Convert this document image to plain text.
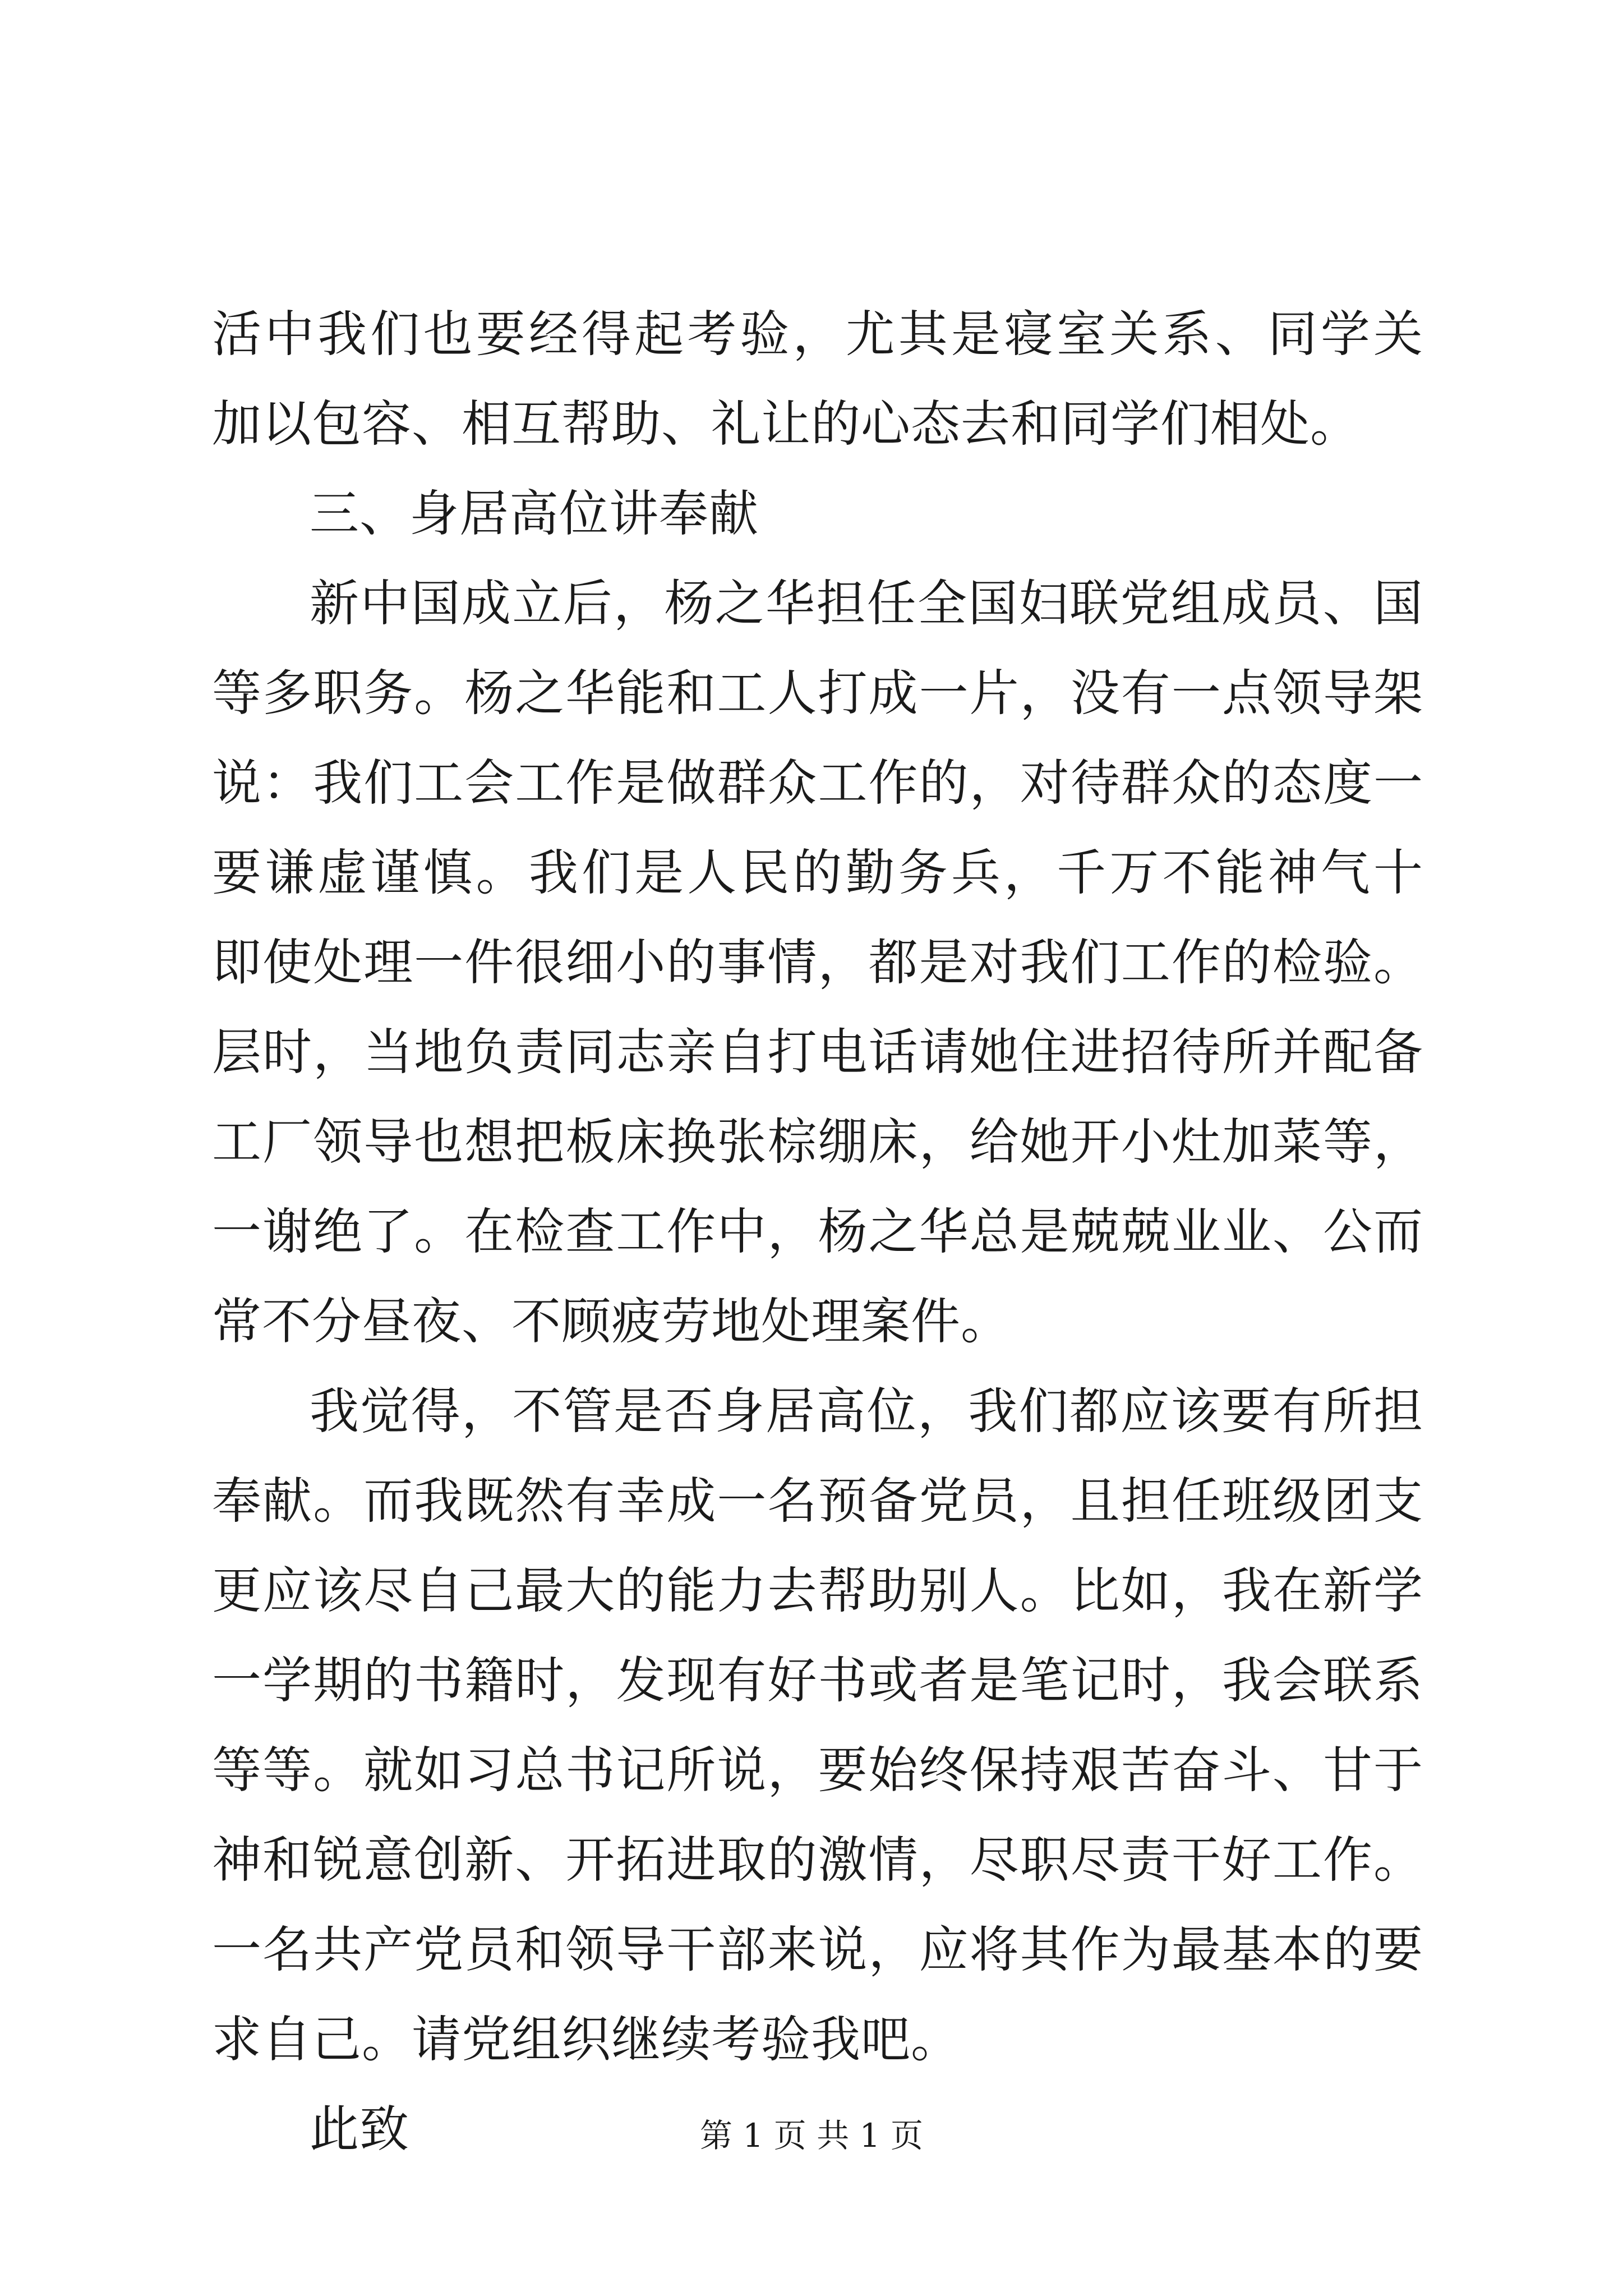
活中我们也要经得起考验，尤其是寝室关系、同学关
加以包容、相互帮助、礼让的心态去和同学们相处。
三、身居高位讲奉献
新中国成立后，杨之华担任全国妇联党组成员、国
等多职务。杨之华能和工人打成一片，没有一点领导架
说：我们工会工作是做群众工作的，对待群众的态度一
要谦虚谨慎。我们是人民的勤务兵，千万不能神气十
即使处理一件很细小的事情，都是对我们工作的检验。
层时，当地负责同志亲自打电话请她住进招待所并配备
工厂领导也想把板床换张棕绷床，给她开小灶加菜等，
一谢绝了。在检查工作中，杨之华总是兢兢业业、公而
常不分昼夜、不顾疲劳地处理案件。
我觉得，不管是否身居高位，我们都应该要有所担
奉献。而我既然有幸成一名预备党员，且担任班级团支
更应该尽自己最大的能力去帮助别人。比如，我在新学
一学期的书籍时，发现有好书或者是笔记时，我会联系
等等。就如习总书记所说，要始终保持艰苦奋斗、甘于
神和锐意创新、开拓进取的激情，尽职尽责干好工作。
一名共产党员和领导干部来说，应将其作为最基本的要
求自己。请党组织继续考验我吧。
此致	第 1 页 共 1 页
